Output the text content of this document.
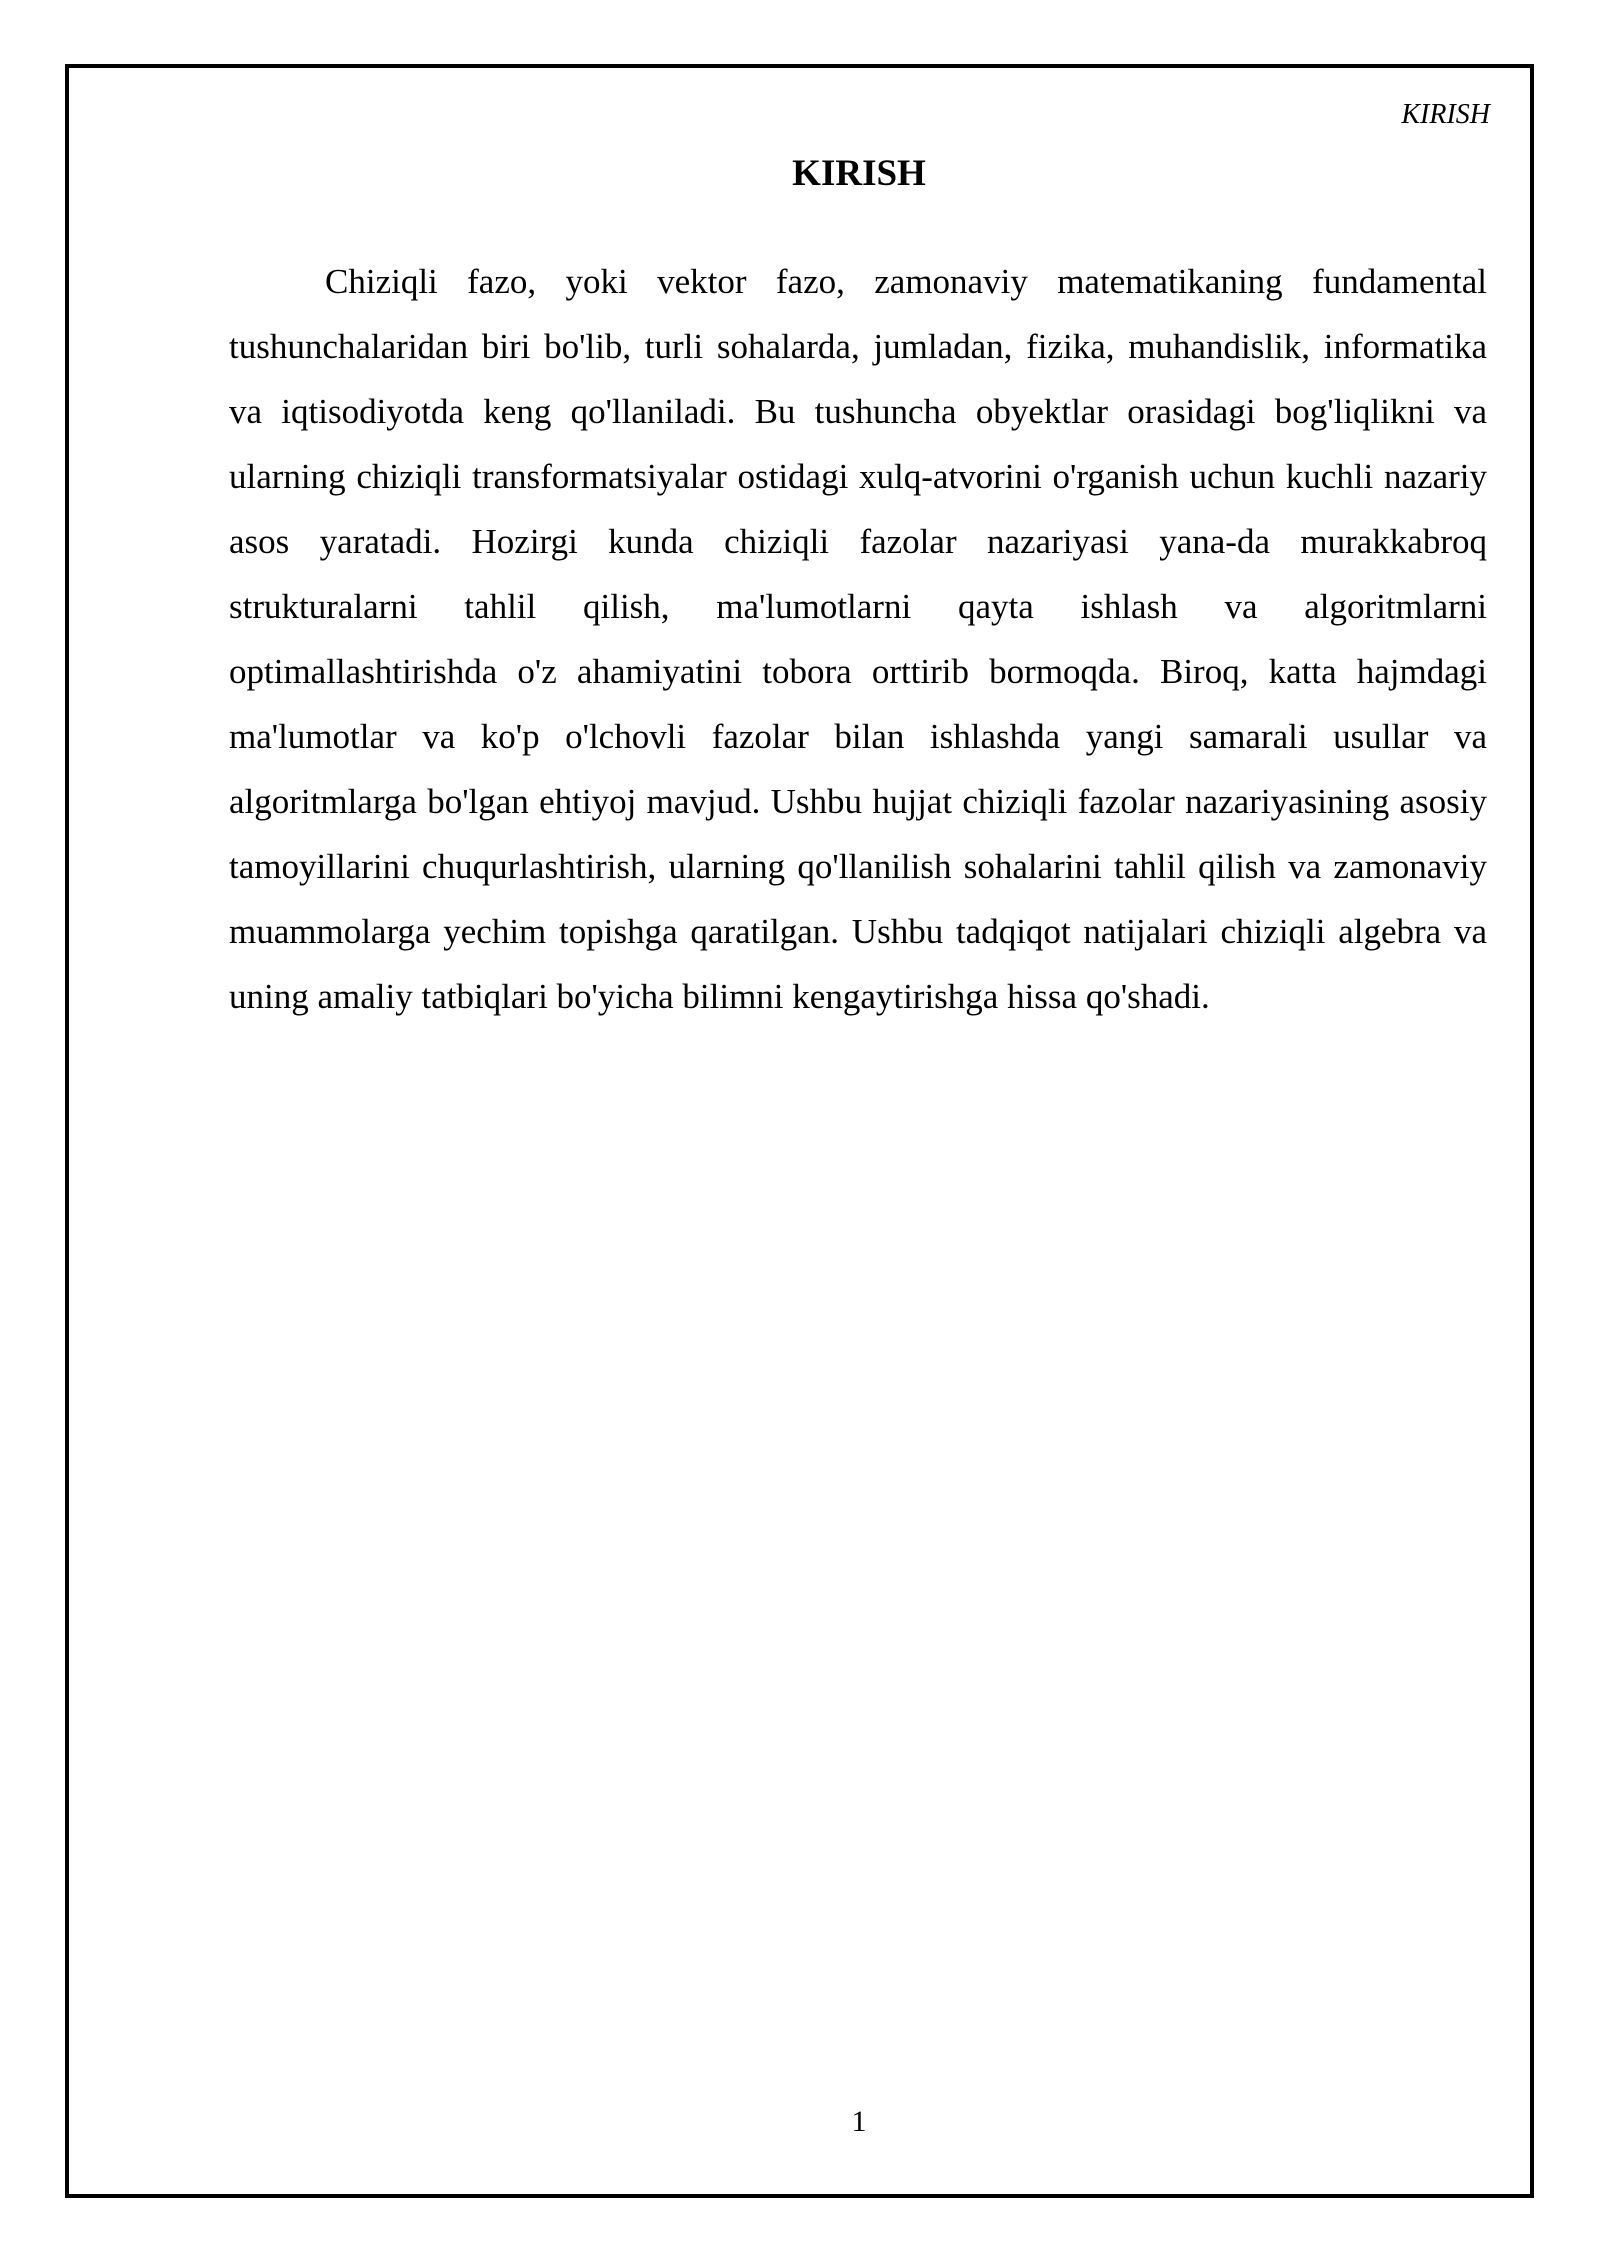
KIRISH
KIRISH

Chiziqli fazo, yoki vektor fazo, zamonaviy matematikaning fundamental tushunchalaridan biri bo'lib, turli sohalarda, jumladan, fizika, muhandislik, informatika va iqtisodiyotda keng qo'llaniladi. Bu tushuncha obyektlar orasidagi bog'liqlikni va ularning chiziqli transformatsiyalar ostidagi xulq-atvorini o'rganish uchun kuchli nazariy asos yaratadi. Hozirgi kunda chiziqli fazolar nazariyasi yana-da murakkabroq strukturalarni tahlil qilish, ma'lumotlarni qayta ishlash va algoritmlarni optimallashtirishda o'z ahamiyatini tobora orttirib bormoqda. Biroq, katta hajmdagi ma'lumotlar va ko'p o'lchovli fazolar bilan ishlashda yangi samarali usullar va algoritmlarga bo'lgan ehtiyoj mavjud. Ushbu hujjat chiziqli fazolar nazariyasining asosiy tamoyillarini chuqurlashtirish, ularning qo'llanilish sohalarini tahlil qilish va zamonaviy muammolarga yechim topishga qaratilgan. Ushbu tadqiqot natijalari chiziqli algebra va uning amaliy tatbiqlari bo'yicha bilimni kengaytirishga hissa qo'shadi.

1
